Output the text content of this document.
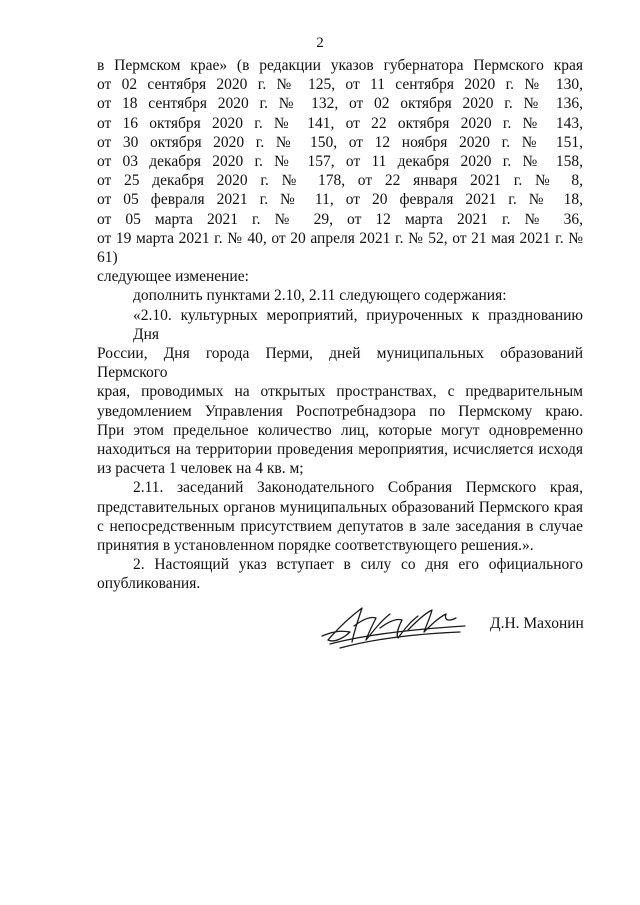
2
в Пермском крае» (в редакции указов губернатора Пермского края
от 02 сентября 2020 г. № 125, от 11 сентября 2020 г. № 130,
от 18 сентября 2020 г. № 132, от 02 октября 2020 г. № 136,
от 16 октября 2020 г. № 141, от 22 октября 2020 г. № 143,
от 30 октября 2020 г. № 150, от 12 ноября 2020 г. № 151,
от 03 декабря 2020 г. № 157, от 11 декабря 2020 г. № 158,
от 25 декабря 2020 г. № 178, от 22 января 2021 г. № 8,
от 05 февраля 2021 г. № 11, от 20 февраля 2021 г. № 18,
от 05 марта 2021 г. № 29, от 12 марта 2021 г. № 36,
от 19 марта 2021 г. № 40, от 20 апреля 2021 г. № 52, от 21 мая 2021 г. № 61)
следующее изменение:
дополнить пунктами 2.10, 2.11 следующего содержания:
«2.10. культурных мероприятий, приуроченных к празднованию Дня
России, Дня города Перми, дней муниципальных образований Пермского
края, проводимых на открытых пространствах, с предварительным
уведомлением Управления Роспотребнадзора по Пермскому краю.
При этом предельное количество лиц, которые могут одновременно
находиться на территории проведения мероприятия, исчисляется исходя
из расчета 1 человек на 4 кв. м;
2.11. заседаний Законодательного Собрания Пермского края,
представительных органов муниципальных образований Пермского края
с непосредственным присутствием депутатов в зале заседания в случае
принятия в установленном порядке соответствующего решения.».
2. Настоящий указ вступает в силу со дня его официального
опубликования.
Д.Н. Махонин
